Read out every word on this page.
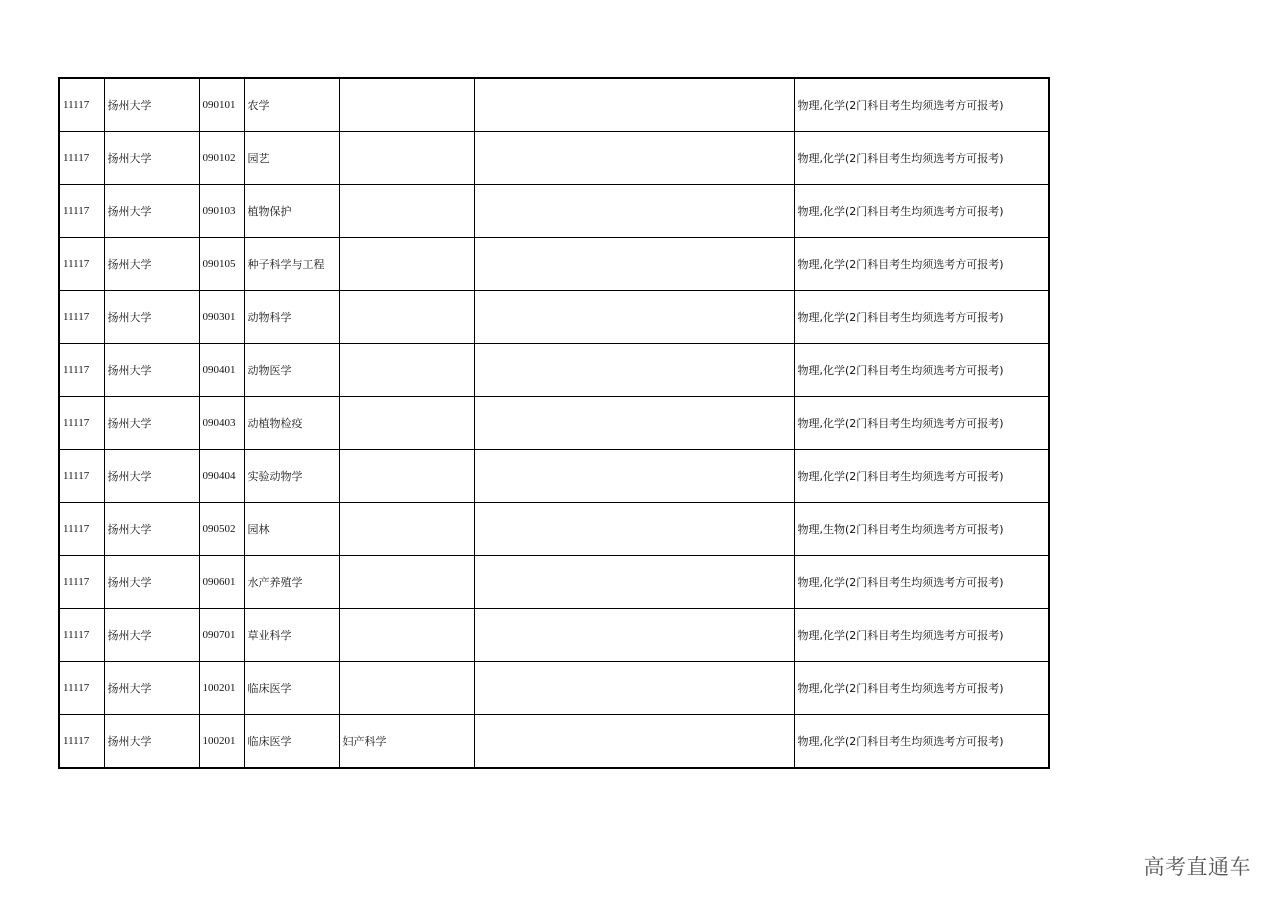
11117	扬州大学	090101	农学			物理,化学(2门科目考生均须选考方可报考)
11117	扬州大学	090102	园艺			物理,化学(2门科目考生均须选考方可报考)
11117	扬州大学	090103	植物保护			物理,化学(2门科目考生均须选考方可报考)
11117	扬州大学	090105	种子科学与工程			物理,化学(2门科目考生均须选考方可报考)
11117	扬州大学	090301	动物科学			物理,化学(2门科目考生均须选考方可报考)
11117	扬州大学	090401	动物医学			物理,化学(2门科目考生均须选考方可报考)
11117	扬州大学	090403	动植物检疫			物理,化学(2门科目考生均须选考方可报考)
11117	扬州大学	090404	实验动物学			物理,化学(2门科目考生均须选考方可报考)
11117	扬州大学	090502	园林			物理,生物(2门科目考生均须选考方可报考)
11117	扬州大学	090601	水产养殖学			物理,化学(2门科目考生均须选考方可报考)
11117	扬州大学	090701	草业科学			物理,化学(2门科目考生均须选考方可报考)
11117	扬州大学	100201	临床医学			物理,化学(2门科目考生均须选考方可报考)
11117	扬州大学	100201	临床医学	妇产科学		物理,化学(2门科目考生均须选考方可报考)
高考直通车
